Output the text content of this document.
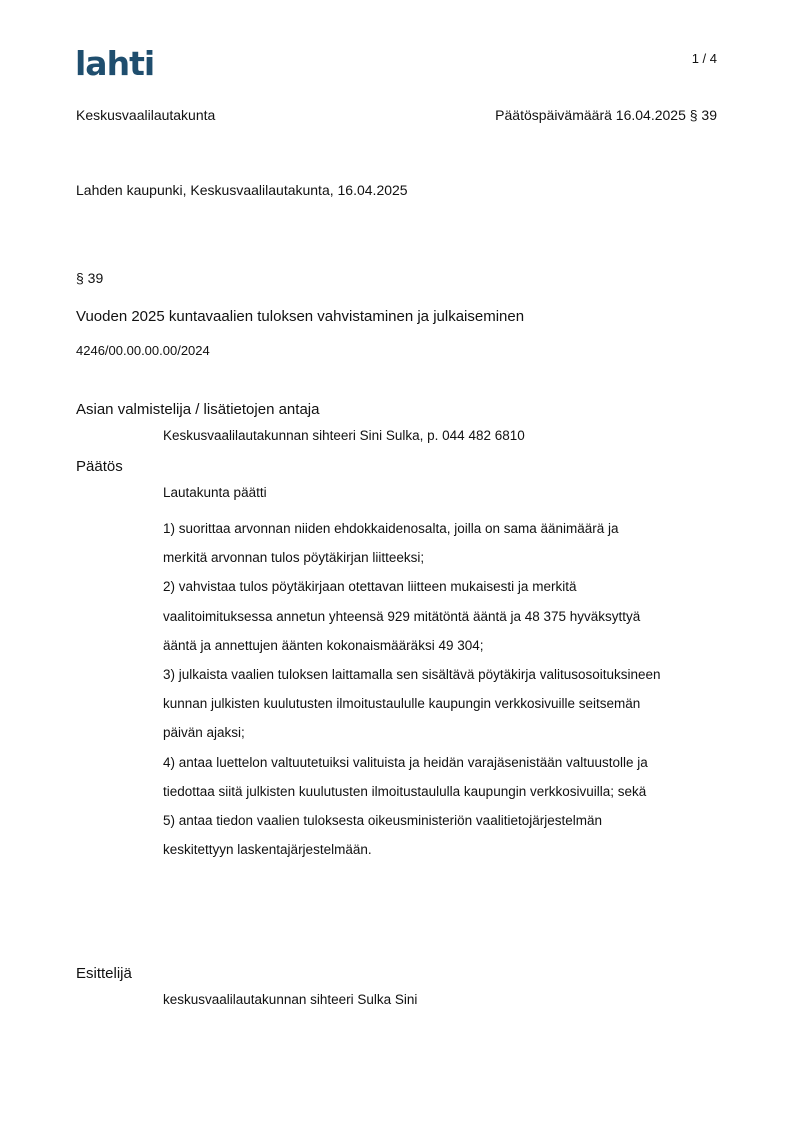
lahti	1 / 4
Keskusvaalilautakunta	Päätöspäivämäärä 16.04.2025 § 39
Lahden kaupunki, Keskusvaalilautakunta, 16.04.2025
§ 39
Vuoden 2025 kuntavaalien tuloksen vahvistaminen ja julkaiseminen
4246/00.00.00.00/2024
Asian valmistelija / lisätietojen antaja
Keskusvaalilautakunnan sihteeri Sini Sulka, p. 044 482 6810
Päätös
Lautakunta päätti
1) suorittaa arvonnan niiden ehdokkaidenosalta, joilla on sama äänimäärä ja
merkitä arvonnan tulos pöytäkirjan liitteeksi;
2) vahvistaa tulos pöytäkirjaan otettavan liitteen mukaisesti ja merkitä
vaalitoimituksessa annetun yhteensä 929 mitätöntä ääntä ja 48 375 hyväksyttyä
ääntä ja annettujen äänten kokonaismääräksi 49 304;
3) julkaista vaalien tuloksen laittamalla sen sisältävä pöytäkirja valitusosoituksineen
kunnan julkisten kuulutusten ilmoitustaululle kaupungin verkkosivuille seitsemän
päivän ajaksi;
4) antaa luettelon valtuutetuiksi valituista ja heidän varajäsenistään valtuustolle ja
tiedottaa siitä julkisten kuulutusten ilmoitustaululla kaupungin verkkosivuilla; sekä
5) antaa tiedon vaalien tuloksesta oikeusministeriön vaalitietojärjestelmän
keskitettyyn laskentajärjestelmään.
Esittelijä
keskusvaalilautakunnan sihteeri Sulka Sini
